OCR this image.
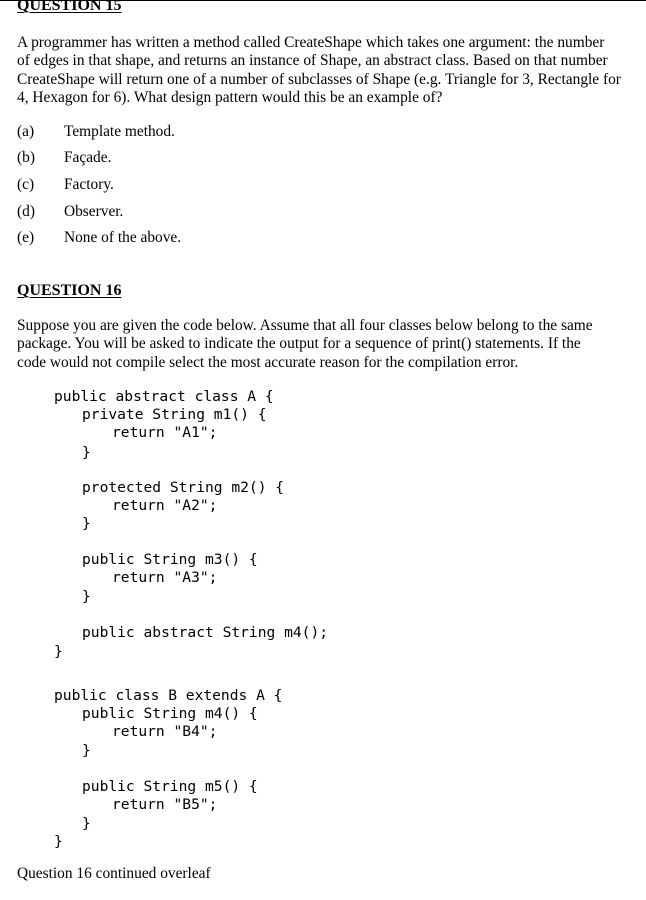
QUESTION 15
A programmer has written a method called CreateShape which takes one argument: the number
of edges in that shape, and returns an instance of Shape, an abstract class. Based on that number
CreateShape will return one of a number of subclasses of Shape (e.g. Triangle for 3, Rectangle for
4, Hexagon for 6). What design pattern would this be an example of?
(a) Template method.
(b) Façade.
(c) Factory.
(d) Observer.
(e) None of the above.
QUESTION 16
Suppose you are given the code below. Assume that all four classes below belong to the same
package. You will be asked to indicate the output for a sequence of print() statements. If the
code would not compile select the most accurate reason for the compilation error.
public abstract class A {
private String m1() {
return "A1";
}
protected String m2() {
return "A2";
}
public String m3() {
return "A3";
}
public abstract String m4();
}
public class B extends A {
public String m4() {
return "B4";
}
public String m5() {
return "B5";
}
}
Question 16 continued overleaf
